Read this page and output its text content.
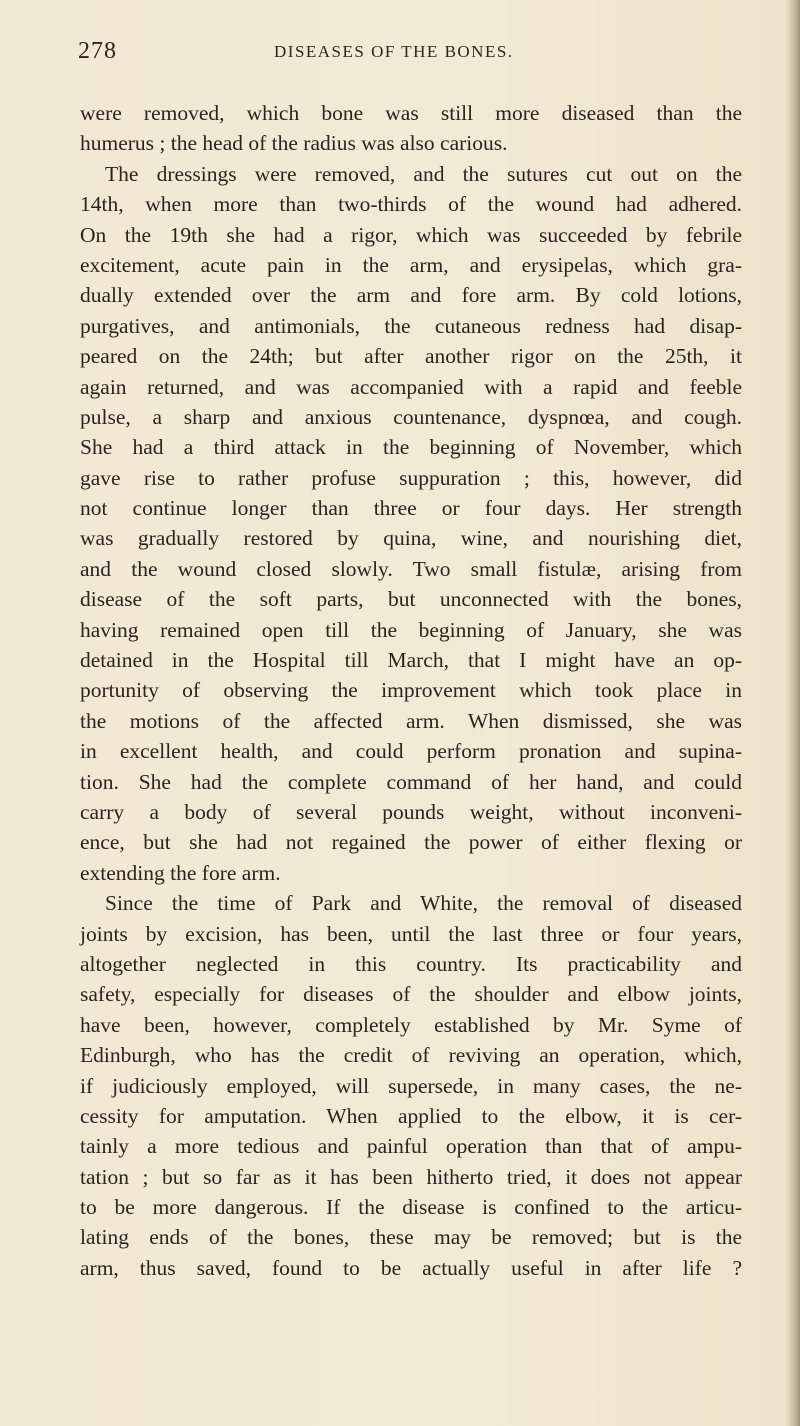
278	DISEASES OF THE BONES.
were removed, which bone was still more diseased than the
humerus ; the head of the radius was also carious.
The dressings were removed, and the sutures cut out on the
14th, when more than two-thirds of the wound had adhered.
On the 19th she had a rigor, which was succeeded by febrile
excitement, acute pain in the arm, and erysipelas, which gra-
dually extended over the arm and fore arm. By cold lotions,
purgatives, and antimonials, the cutaneous redness had disap-
peared on the 24th; but after another rigor on the 25th, it
again returned, and was accompanied with a rapid and feeble
pulse, a sharp and anxious countenance, dyspnœa, and cough.
She had a third attack in the beginning of November, which
gave rise to rather profuse suppuration ; this, however, did
not continue longer than three or four days. Her strength
was gradually restored by quina, wine, and nourishing diet,
and the wound closed slowly. Two small fistulæ, arising from
disease of the soft parts, but unconnected with the bones,
having remained open till the beginning of January, she was
detained in the Hospital till March, that I might have an op-
portunity of observing the improvement which took place in
the motions of the affected arm. When dismissed, she was
in excellent health, and could perform pronation and supina-
tion. She had the complete command of her hand, and could
carry a body of several pounds weight, without inconveni-
ence, but she had not regained the power of either flexing or
extending the fore arm.
Since the time of Park and White, the removal of diseased
joints by excision, has been, until the last three or four years,
altogether neglected in this country. Its practicability and
safety, especially for diseases of the shoulder and elbow joints,
have been, however, completely established by Mr. Syme of
Edinburgh, who has the credit of reviving an operation, which,
if judiciously employed, will supersede, in many cases, the ne-
cessity for amputation. When applied to the elbow, it is cer-
tainly a more tedious and painful operation than that of ampu-
tation ; but so far as it has been hitherto tried, it does not appear
to be more dangerous. If the disease is confined to the articu-
lating ends of the bones, these may be removed; but is the
arm, thus saved, found to be actually useful in after life ?
